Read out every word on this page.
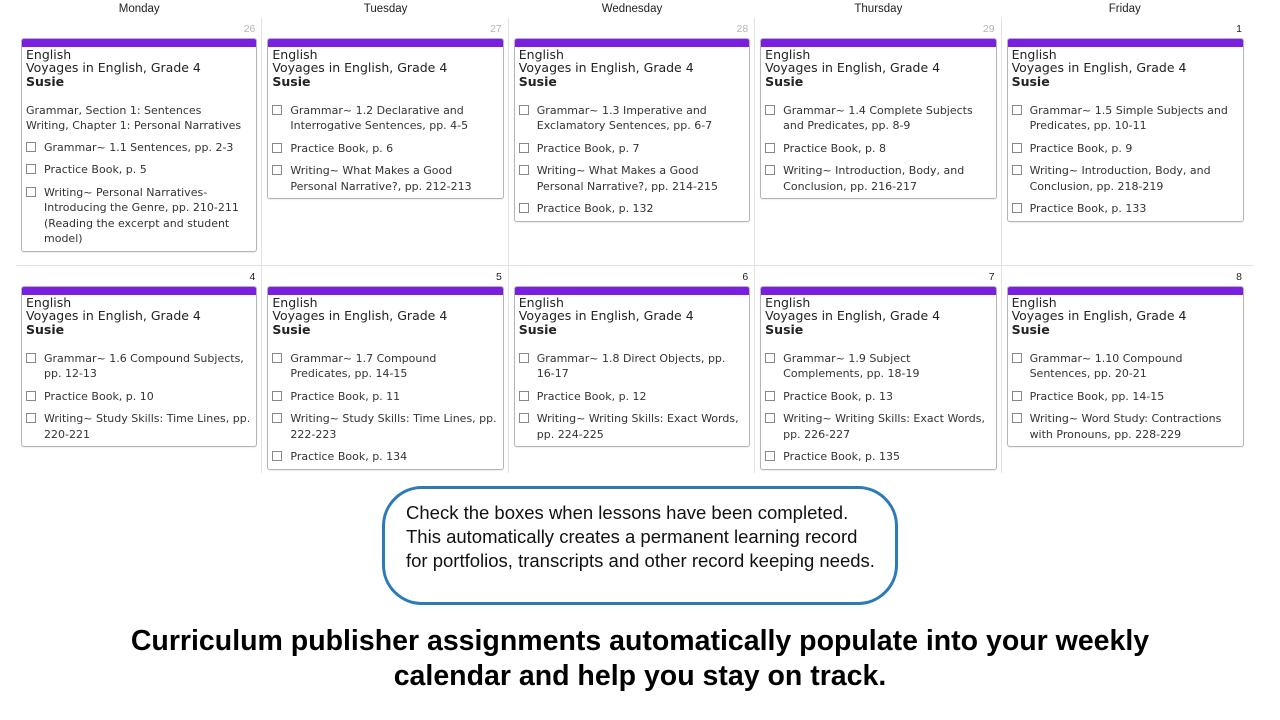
Monday	Tuesday	Wednesday	Thursday	Friday
26
English
Voyages in English, Grade 4
Susie
Grammar, Section 1: Sentences
Writing, Chapter 1: Personal Narratives
Grammar~ 1.1 Sentences, pp. 2-3
Practice Book, p. 5
Writing~ Personal Narratives- Introducing the Genre, pp. 210-211 (Reading the excerpt and student model)
27
English
Voyages in English, Grade 4
Susie
Grammar~ 1.2 Declarative and Interrogative Sentences, pp. 4-5
Practice Book, p. 6
Writing~ What Makes a Good Personal Narrative?, pp. 212-213
28
English
Voyages in English, Grade 4
Susie
Grammar~ 1.3 Imperative and Exclamatory Sentences, pp. 6-7
Practice Book, p. 7
Writing~ What Makes a Good Personal Narrative?, pp. 214-215
Practice Book, p. 132
29
English
Voyages in English, Grade 4
Susie
Grammar~ 1.4 Complete Subjects and Predicates, pp. 8-9
Practice Book, p. 8
Writing~ Introduction, Body, and Conclusion, pp. 216-217
1
English
Voyages in English, Grade 4
Susie
Grammar~ 1.5 Simple Subjects and Predicates, pp. 10-11
Practice Book, p. 9
Writing~ Introduction, Body, and Conclusion, pp. 218-219
Practice Book, p. 133
4
English
Voyages in English, Grade 4
Susie
Grammar~ 1.6 Compound Subjects, pp. 12-13
Practice Book, p. 10
Writing~ Study Skills: Time Lines, pp. 220-221
5
English
Voyages in English, Grade 4
Susie
Grammar~ 1.7 Compound Predicates, pp. 14-15
Practice Book, p. 11
Writing~ Study Skills: Time Lines, pp. 222-223
Practice Book, p. 134
6
English
Voyages in English, Grade 4
Susie
Grammar~ 1.8 Direct Objects, pp. 16-17
Practice Book, p. 12
Writing~ Writing Skills: Exact Words, pp. 224-225
7
English
Voyages in English, Grade 4
Susie
Grammar~ 1.9 Subject Complements, pp. 18-19
Practice Book, p. 13
Writing~ Writing Skills: Exact Words, pp. 226-227
Practice Book, p. 135
8
English
Voyages in English, Grade 4
Susie
Grammar~ 1.10 Compound Sentences, pp. 20-21
Practice Book, pp. 14-15
Writing~ Word Study: Contractions with Pronouns, pp. 228-229
Check the boxes when lessons have been completed. This automatically creates a permanent learning record for portfolios, transcripts and other record keeping needs.
Curriculum publisher assignments automatically populate into your weekly
calendar and help you stay on track.
